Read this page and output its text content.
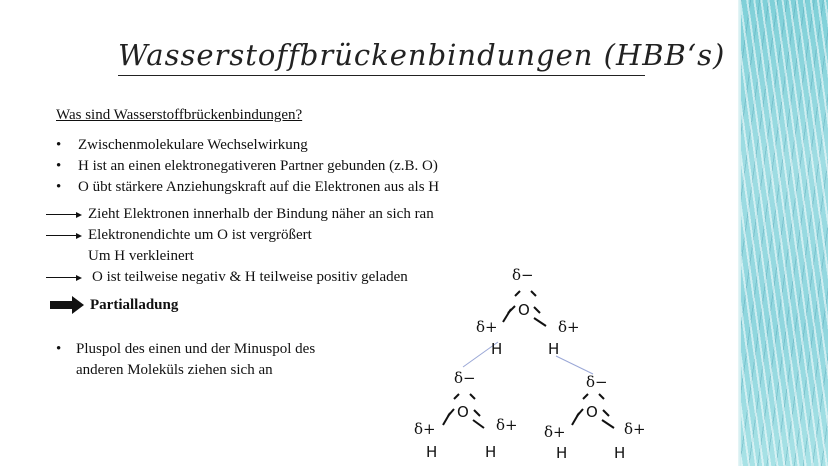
Wasserstoffbrückenbindungen (HBB‘s)
Was sind Wasserstoffbrückenbindungen?
• Zwischenmolekulare Wechselwirkung
• H ist an einen elektronegativeren Partner gebunden (z.B. O)
• O übt stärkere Anziehungskraft auf die Elektronen aus als H
Zieht Elektronen innerhalb der Bindung näher an sich ran
Elektronendichte um O ist vergrößert
Um H verkleinert
O ist teilweise negativ & H teilweise positiv geladen
Partialladung
• Pluspol des einen und der Minuspol des
anderen Moleküls ziehen sich an
δ−
O
δ+	δ+
H	H
δ−
O
δ+	δ+
H	H
δ−
O
δ+	δ+
H	H
